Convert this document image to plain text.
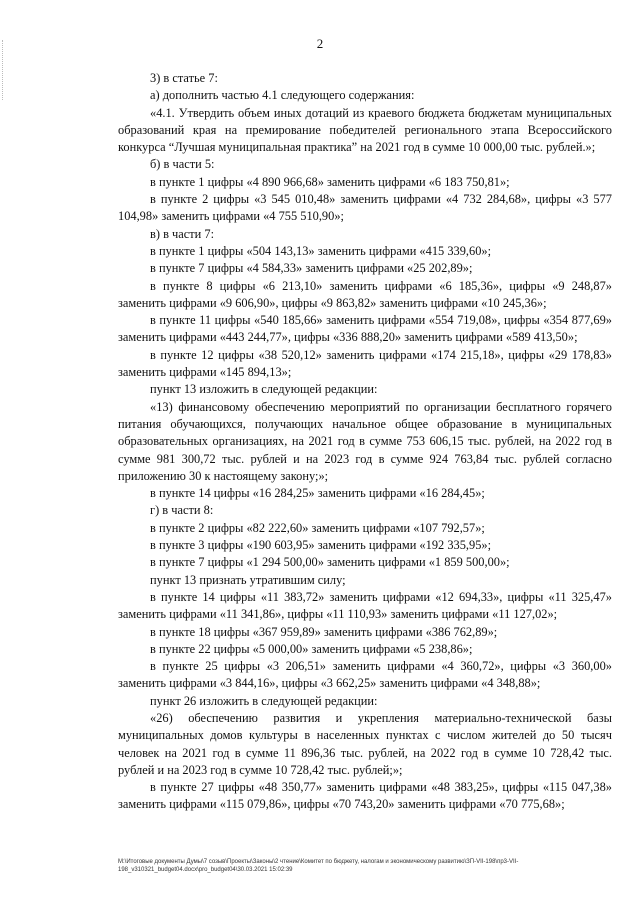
2

3) в статье 7:

а) дополнить частью 4.1 следующего содержания:

«4.1. Утвердить объем иных дотаций из краевого бюджета бюджетам муниципальных образований края на премирование победителей регионального этапа Всероссийского конкурса “Лучшая муниципальная практика” на 2021 год в сумме 10 000,00 тыс. рублей.»;

б) в части 5:

в пункте 1 цифры «4 890 966,68» заменить цифрами «6 183 750,81»;

в пункте 2 цифры «3 545 010,48» заменить цифрами «4 732 284,68», цифры «3 577 104,98» заменить цифрами «4 755 510,90»;

в) в части 7:

в пункте 1 цифры «504 143,13» заменить цифрами «415 339,60»;

в пункте 7 цифры «4 584,33» заменить цифрами «25 202,89»;

в пункте 8 цифры «6 213,10» заменить цифрами «6 185,36», цифры «9 248,87» заменить цифрами «9 606,90», цифры «9 863,82» заменить цифрами «10 245,36»;

в пункте 11 цифры «540 185,66» заменить цифрами «554 719,08», цифры «354 877,69» заменить цифрами «443 244,77», цифры «336 888,20» заменить цифрами «589 413,50»;

в пункте 12 цифры «38 520,12» заменить цифрами «174 215,18», цифры «29 178,83» заменить цифрами «145 894,13»;

пункт 13 изложить в следующей редакции:

«13) финансовому обеспечению мероприятий по организации бесплатного горячего питания обучающихся, получающих начальное общее образование в муниципальных образовательных организациях, на 2021 год в сумме 753 606,15 тыс. рублей, на 2022 год в сумме 981 300,72 тыс. рублей и на 2023 год в сумме 924 763,84 тыс. рублей согласно приложению 30 к настоящему закону;»;

в пункте 14 цифры «16 284,25» заменить цифрами «16 284,45»;

г) в части 8:

в пункте 2 цифры «82 222,60» заменить цифрами «107 792,57»;

в пункте 3 цифры «190 603,95» заменить цифрами «192 335,95»;

в пункте 7 цифры «1 294 500,00» заменить цифрами «1 859 500,00»;

пункт 13 признать утратившим силу;

в пункте 14 цифры «11 383,72» заменить цифрами «12 694,33», цифры «11 325,47» заменить цифрами «11 341,86», цифры «11 110,93» заменить цифрами «11 127,02»;

в пункте 18 цифры «367 959,89» заменить цифрами «386 762,89»;

в пункте 22 цифры «5 000,00» заменить цифрами «5 238,86»;

в пункте 25 цифры «3 206,51» заменить цифрами «4 360,72», цифры «3 360,00» заменить цифрами «3 844,16», цифры «3 662,25» заменить цифрами «4 348,88»;

пункт 26 изложить в следующей редакции:

«26) обеспечению развития и укрепления материально-технической базы муниципальных домов культуры в населенных пунктах с числом жителей до 50 тысяч человек на 2021 год в сумме 11 896,36 тыс. рублей, на 2022 год в сумме 10 728,42 тыс. рублей и на 2023 год в сумме 10 728,42 тыс. рублей;»;

в пункте 27 цифры «48 350,77» заменить цифрами «48 383,25», цифры «115 047,38» заменить цифрами «115 079,86», цифры «70 743,20» заменить цифрами «70 775,68»;

M:\Итоговые документы Думы\7 созыв\Проекты\Законы\2 чтение\Комитет по бюджету, налогам и экономическому развитию\ЗП-VII-198\пр3-VII-198_v310321_budget04.docx\pro_budget04\30.03.2021 15:02:39
